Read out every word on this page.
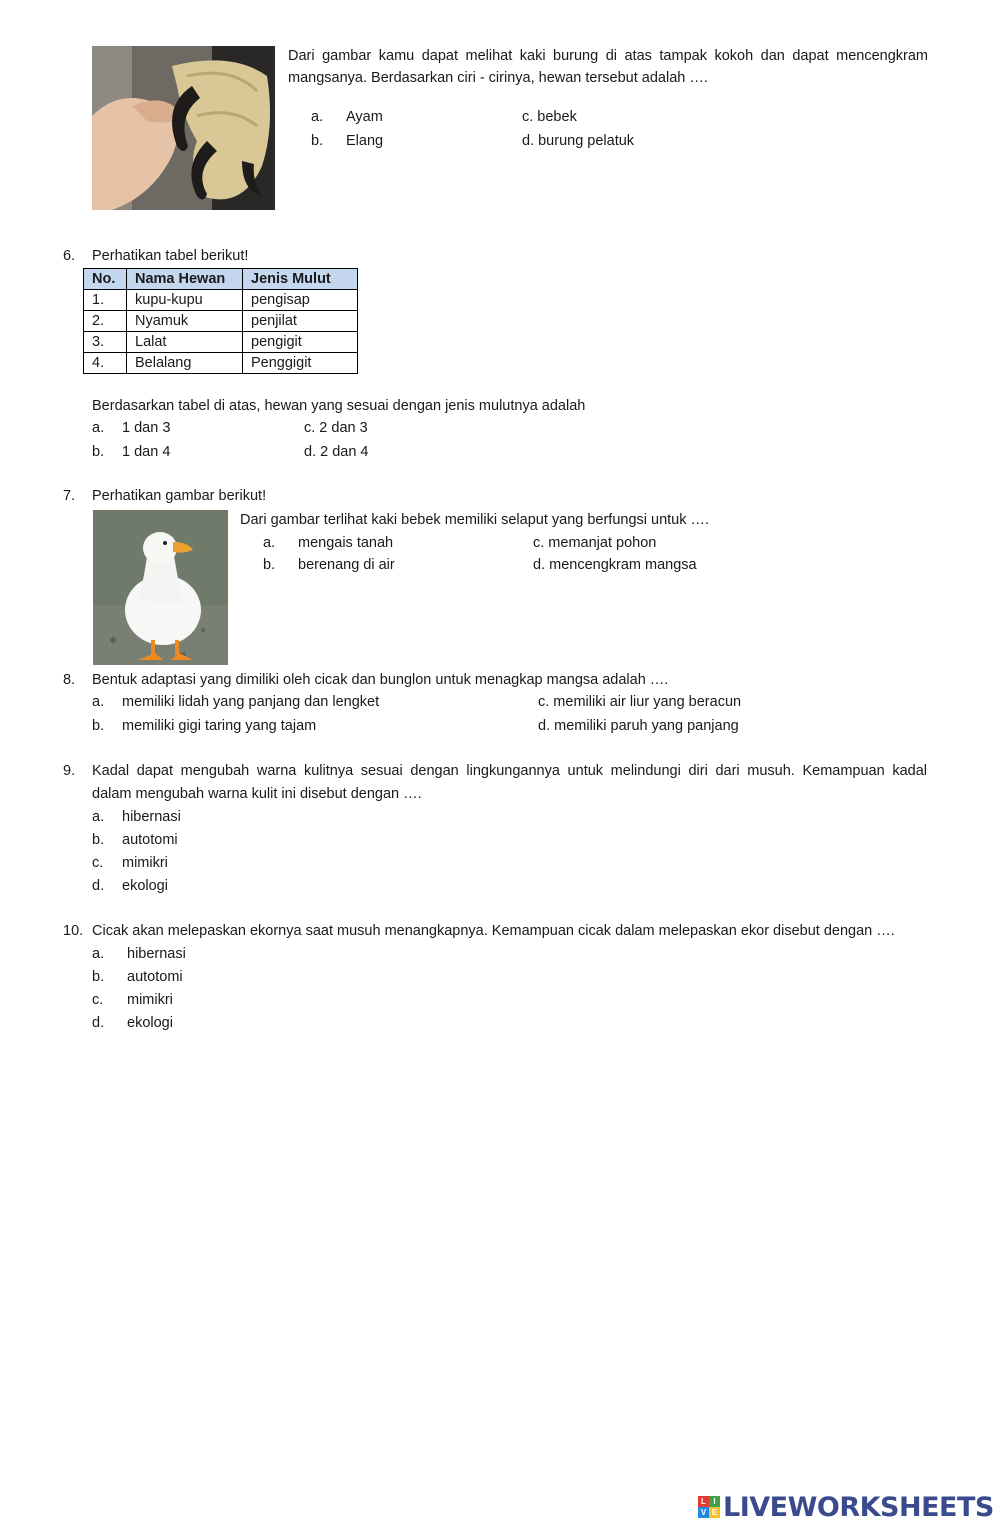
Dari gambar kamu dapat melihat kaki burung di atas tampak kokoh dan dapat mencengkram
mangsanya. Berdasarkan ciri - cirinya, hewan tersebut adalah ….
a. Ayam
b. Elang
c. bebek
d. burung pelatuk
6. Perhatikan tabel berikut!
No.	Nama Hewan	Jenis Mulut
1.	kupu-kupu	pengisap
2.	Nyamuk	penjilat
3.	Lalat	pengigit
4.	Belalang	Penggigit
Berdasarkan tabel di atas, hewan yang sesuai dengan jenis mulutnya adalah
a. 1 dan 3
b. 1 dan 4
c. 2 dan 3
d. 2 dan 4
7. Perhatikan gambar berikut!
Dari gambar terlihat kaki bebek memiliki selaput yang berfungsi untuk ….
a. mengais tanah
b. berenang di air
c. memanjat pohon
d. mencengkram mangsa
8. Bentuk adaptasi yang dimiliki oleh cicak dan bunglon untuk menagkap mangsa adalah ….
a. memiliki lidah yang panjang dan lengket
b. memiliki gigi taring yang tajam
c. memiliki air liur yang beracun
d. memiliki paruh yang panjang
9. Kadal dapat mengubah warna kulitnya sesuai dengan lingkungannya untuk melindungi diri dari musuh. Kemampuan kadal
dalam mengubah warna kulit ini disebut dengan ….
a. hibernasi
b. autotomi
c. mimikri
d. ekologi
10. Cicak akan melepaskan ekornya saat musuh menangkapnya. Kemampuan cicak dalam melepaskan ekor disebut dengan ….
a. hibernasi
b. autotomi
c. mimikri
d. ekologi
L I
V E LIVEWORKSHEETS
